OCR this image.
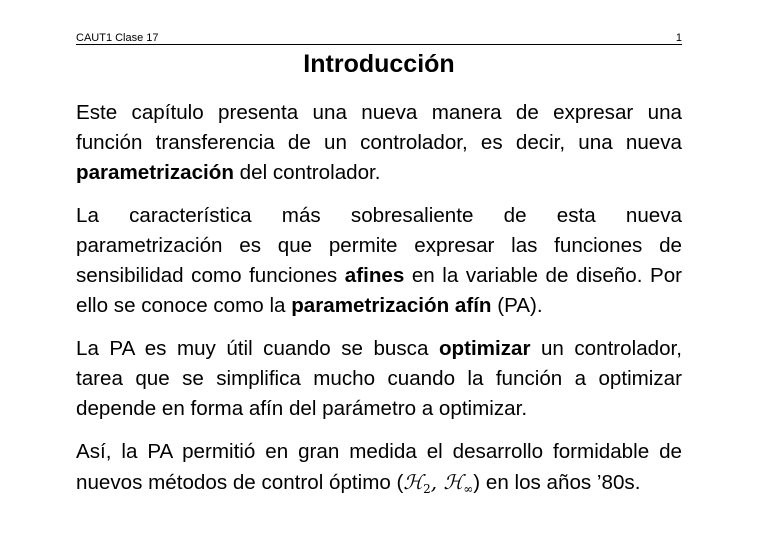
CAUT1 Clase 17	1
Introducción

Este capítulo presenta una nueva manera de expresar una función transferencia de un controlador, es decir, una nueva parametrización del controlador.

La característica más sobresaliente de esta nueva parametrización es que permite expresar las funciones de sensibilidad como funciones afines en la variable de diseño. Por ello se conoce como la parametrización afín (PA).

La PA es muy útil cuando se busca optimizar un controlador, tarea que se simplifica mucho cuando la función a optimizar depende en forma afín del parámetro a optimizar.

Así, la PA permitió en gran medida el desarrollo formidable de nuevos métodos de control óptimo (ℋ$_2$, ℋ$_\infty$) en los años ’80s.
